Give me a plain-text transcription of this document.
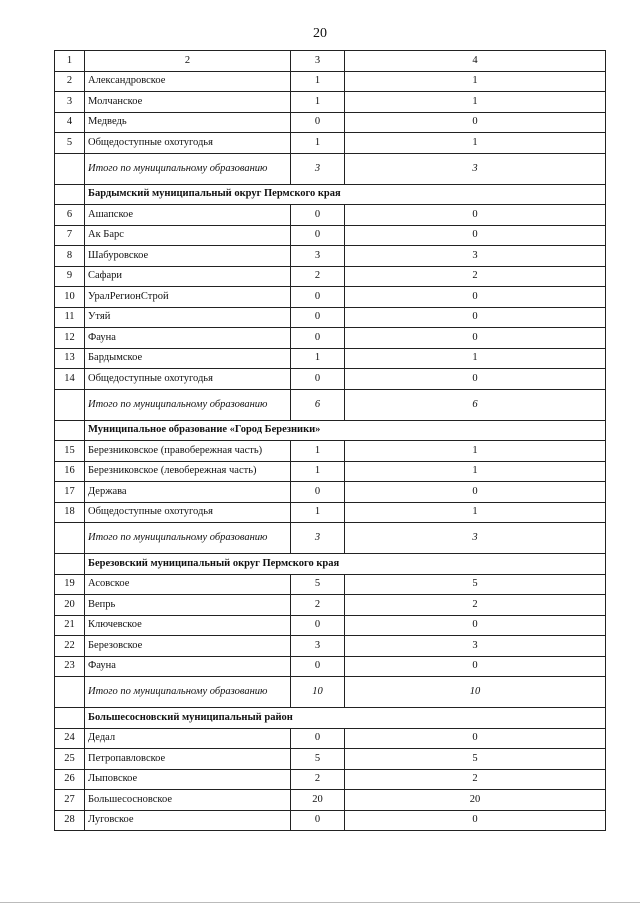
20
1	2	3	4
2	Александровское	1	1
3	Молчанское	1	1
4	Медведь	0	0
5	Общедоступные охотугодья	1	1
	Итого по муниципальному образованию	3	3
	Бардымский муниципальный округ Пермского края		
6	Ашапское	0	0
7	Ак Барс	0	0
8	Шабуровское	3	3
9	Сафари	2	2
10	УралРегионСтрой	0	0
11	Утяй	0	0
12	Фауна	0	0
13	Бардымское	1	1
14	Общедоступные охотугодья	0	0
	Итого по муниципальному образованию	6	6
	Муниципальное образование «Город Березники»		
15	Березниковское (правобережная часть)	1	1
16	Березниковское (левобережная часть)	1	1
17	Держава	0	0
18	Общедоступные охотугодья	1	1
	Итого по муниципальному образованию	3	3
	Березовский муниципальный округ Пермского края		
19	Асовское	5	5
20	Вепрь	2	2
21	Ключевское	0	0
22	Березовское	3	3
23	Фауна	0	0
	Итого по муниципальному образованию	10	10
	Большесосновский муниципальный район		
24	Дедал	0	0
25	Петропавловское	5	5
26	Лыповское	2	2
27	Большесосновское	20	20
28	Луговское	0	0
